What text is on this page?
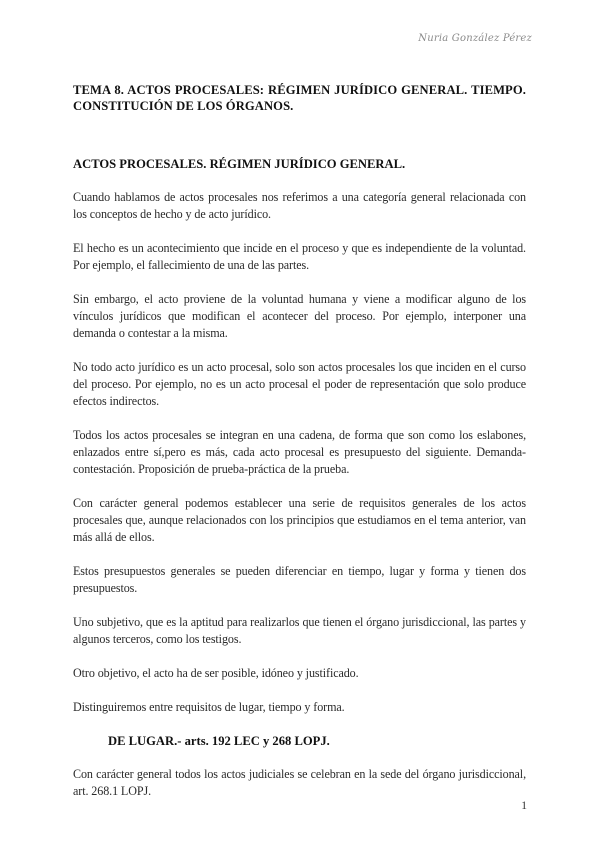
Nuria González Pérez

TEMA 8. ACTOS PROCESALES: RÉGIMEN JURÍDICO GENERAL. TIEMPO. CONSTITUCIÓN DE LOS ÓRGANOS.

ACTOS PROCESALES. RÉGIMEN JURÍDICO GENERAL.

Cuando hablamos de actos procesales nos referimos a una categoría general relacionada con los conceptos de hecho y de acto jurídico.

El hecho es un acontecimiento que incide en el proceso y que es independiente de la voluntad. Por ejemplo, el fallecimiento de una de las partes.

Sin embargo, el acto proviene de la voluntad humana y viene a modificar alguno de los vínculos jurídicos que modifican el acontecer del proceso. Por ejemplo, interponer una demanda o contestar a la misma.

No todo acto jurídico es un acto procesal, solo son actos procesales los que inciden en el curso del proceso. Por ejemplo, no es un acto procesal el poder de representación que solo produce efectos indirectos.

Todos los actos procesales se integran en una cadena, de forma que son como los eslabones, enlazados entre sí,pero es más, cada acto procesal es presupuesto del siguiente. Demanda-contestación. Proposición de prueba-práctica de la prueba.

Con carácter general podemos establecer una serie de requisitos generales de los actos procesales que, aunque relacionados con los principios que estudiamos en el tema anterior, van más allá de ellos.

Estos presupuestos generales se pueden diferenciar en tiempo, lugar y forma y tienen dos presupuestos.

Uno subjetivo, que es la aptitud para realizarlos que tienen el órgano jurisdiccional, las partes y algunos terceros, como los testigos.

Otro objetivo, el acto ha de ser posible, idóneo y justificado.

Distinguiremos entre requisitos de lugar, tiempo y forma.

DE LUGAR.- arts. 192 LEC y 268 LOPJ.

Con carácter general todos los actos judiciales se celebran en la sede del órgano jurisdiccional, art. 268.1 LOPJ.

1
